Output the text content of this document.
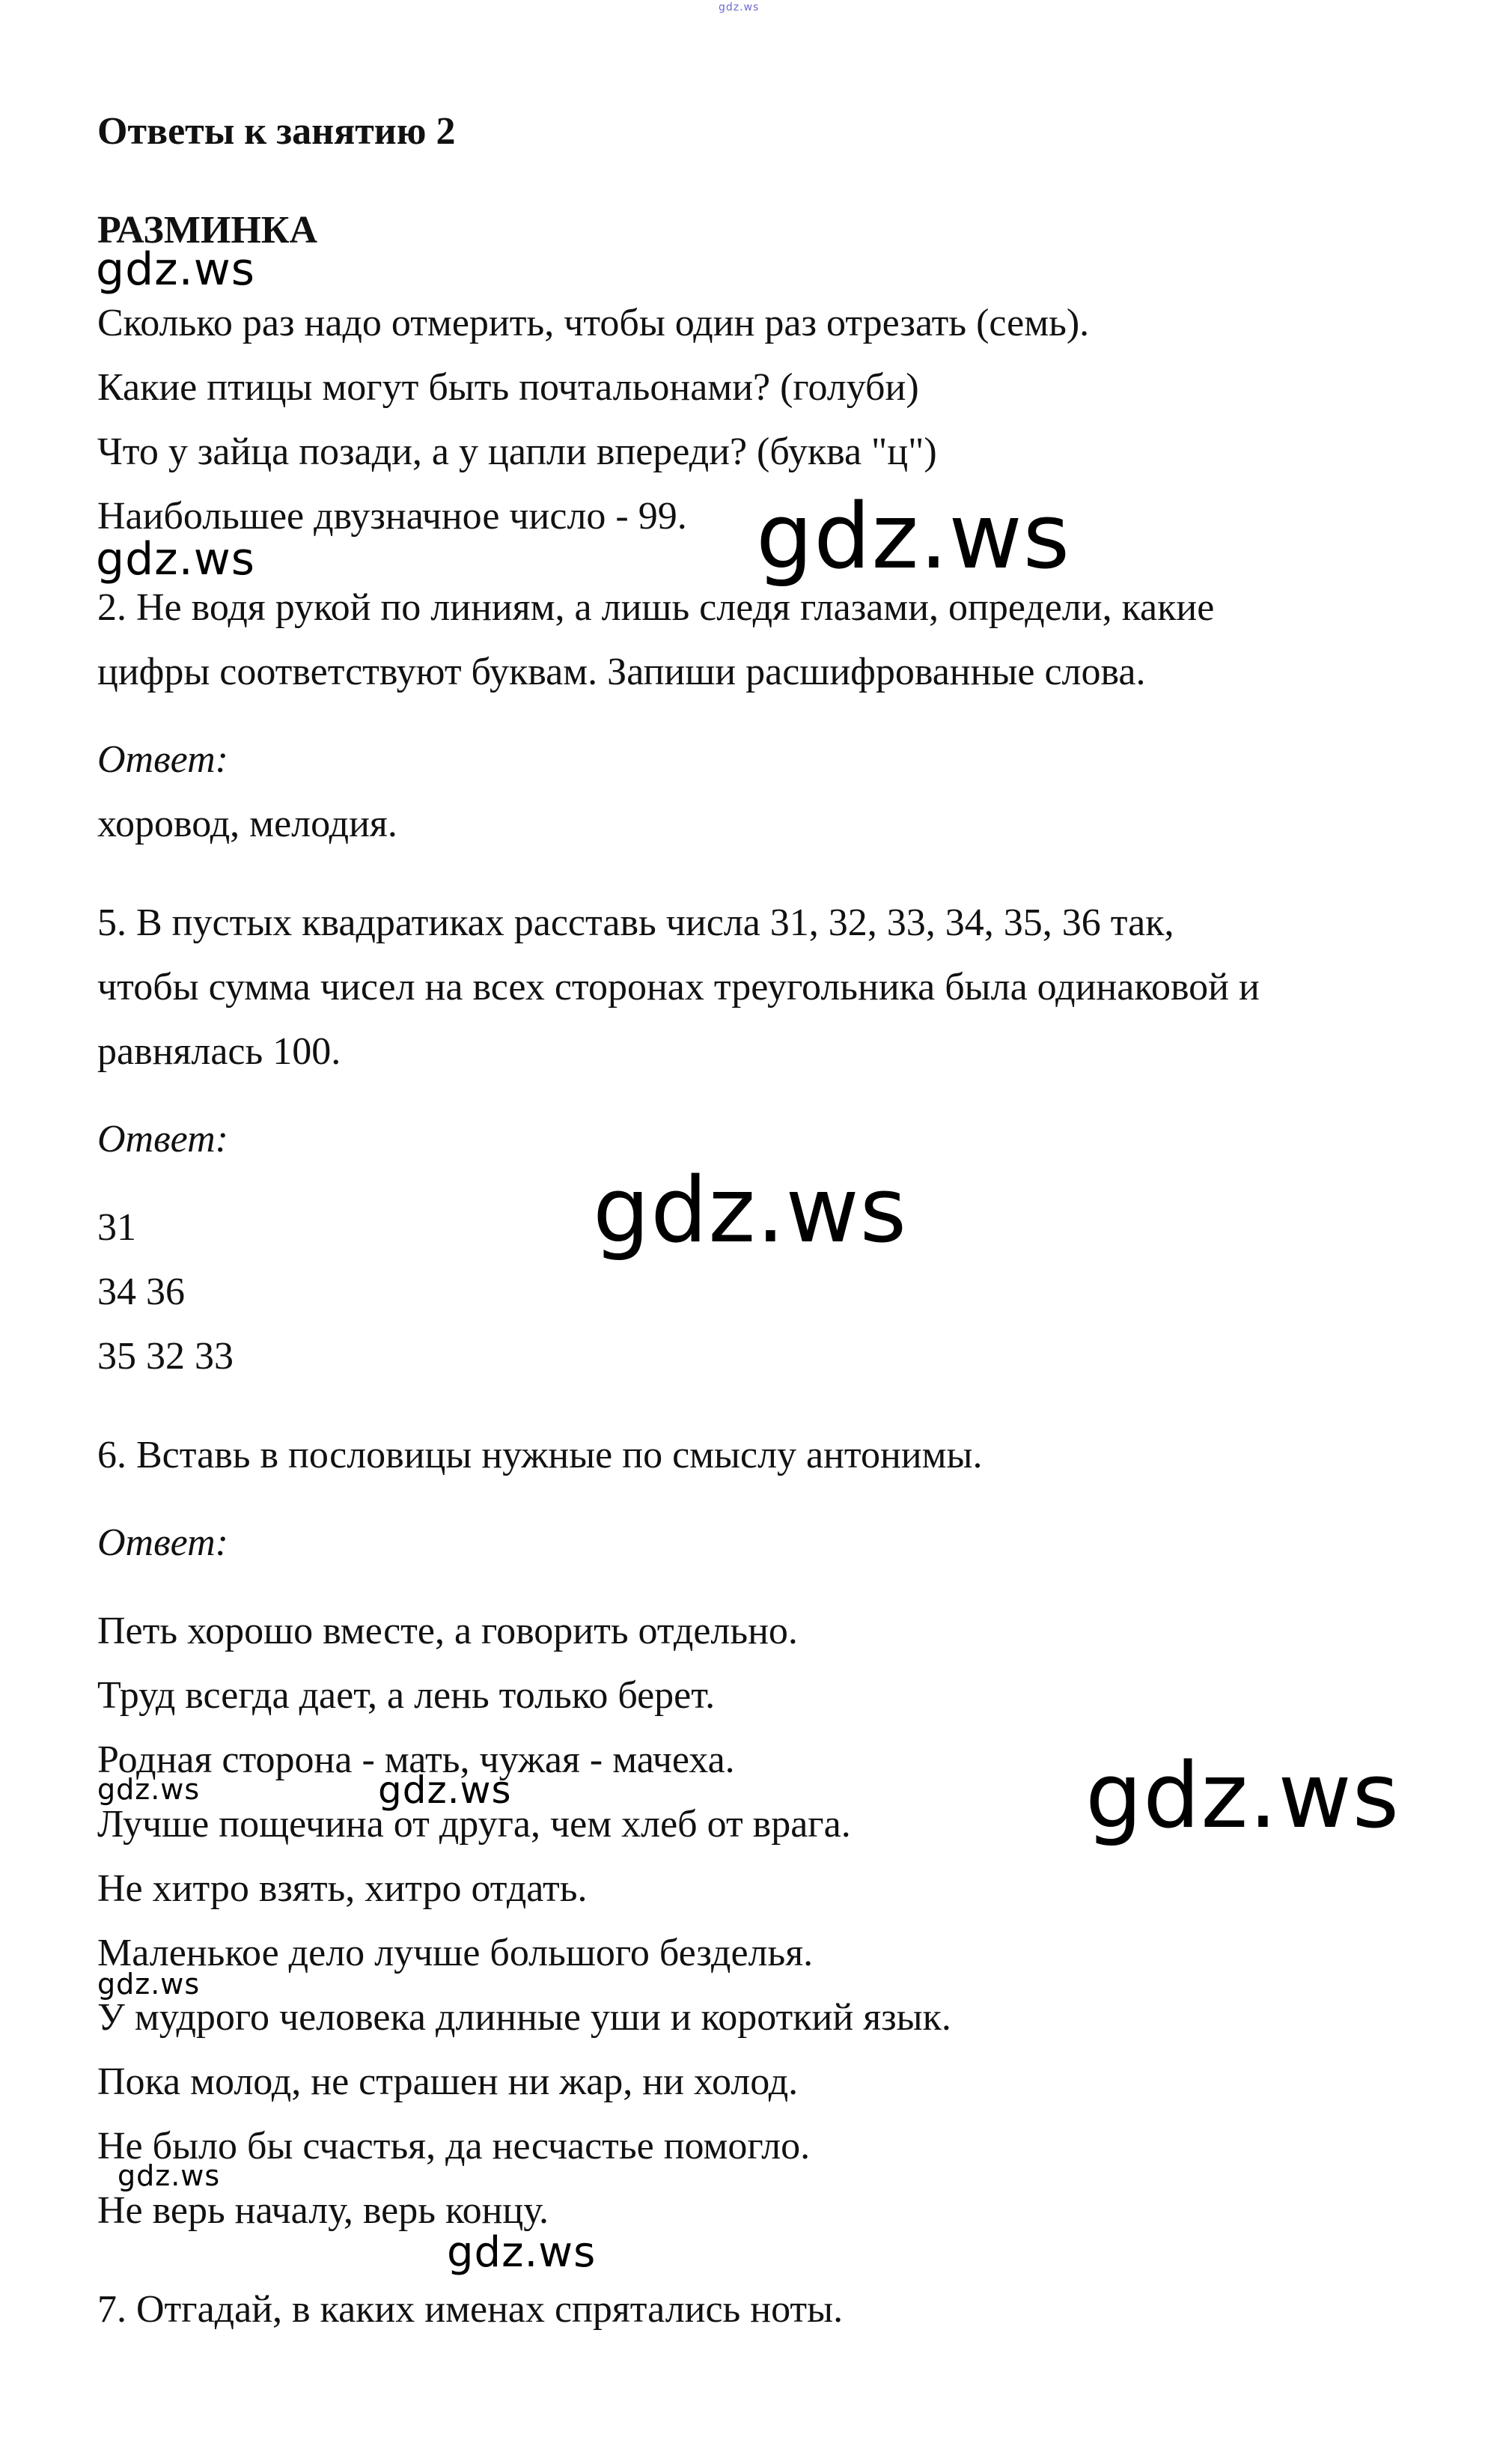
gdz.ws
Ответы к занятию 2
РАЗМИНКА
gdz.ws
Сколько раз надо отмерить, чтобы один раз отрезать (семь).
Какие птицы могут быть почтальонами? (голуби)
Что у зайца позади, а у цапли впереди? (буква "ц")
Наибольшее двузначное число - 99. gdz.ws
gdz.ws
2. Не водя рукой по линиям, а лишь следя глазами, определи, какие
цифры соответствуют буквам. Запиши расшифрованные слова.
Ответ:
хоровод, мелодия.
5. В пустых квадратиках расставь числа 31, 32, 33, 34, 35, 36 так,
чтобы сумма чисел на всех сторонах треугольника была одинаковой и
равнялась 100.
Ответ:
gdz.ws
31
34 36
35 32 33
6. Вставь в пословицы нужные по смыслу антонимы.
Ответ:
Петь хорошо вместе, а говорить отдельно.
Труд всегда дает, а лень только берет.
Родная сторона - мать, чужая - мачеха.	gdz.ws
gdz.ws	gdz.ws
Лучше пощечина от друга, чем хлеб от врага.
Не хитро взять, хитро отдать.
Маленькое дело лучше большого безделья.
gdz.ws
У мудрого человека длинные уши и короткий язык.
Пока молод, не страшен ни жар, ни холод.
Не было бы счастья, да несчастье помогло.
gdz.ws
Не верь началу, верь концу.
gdz.ws
7. Отгадай, в каких именах спрятались ноты.
